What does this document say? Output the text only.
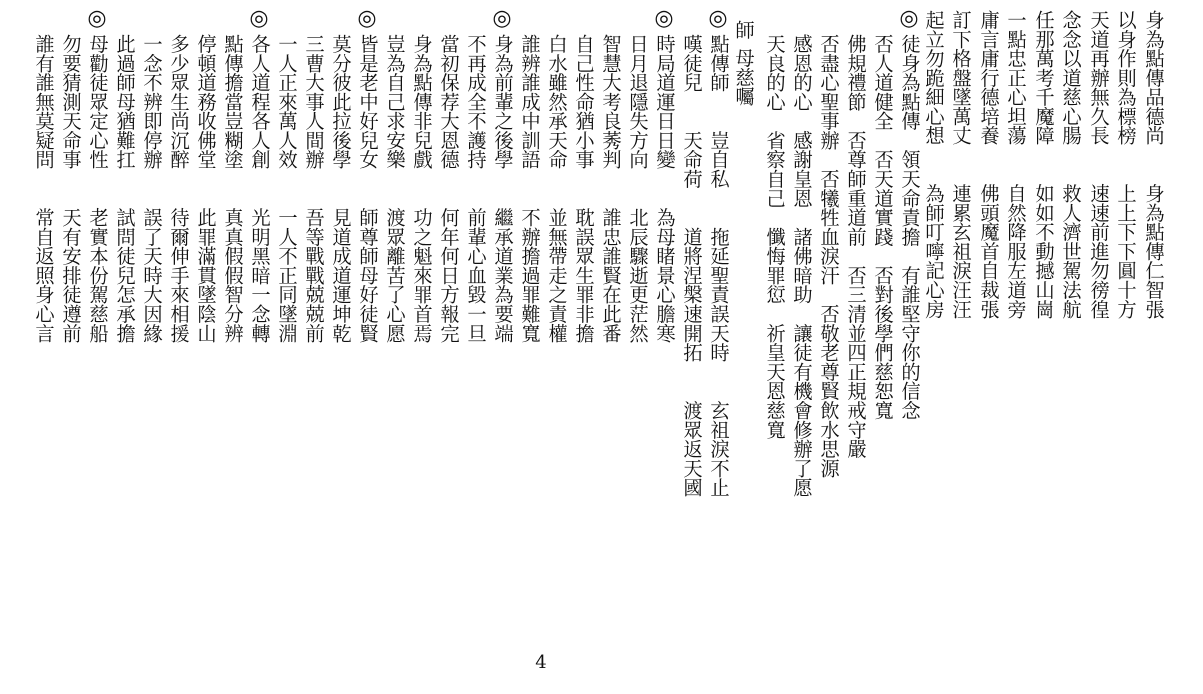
身為點傳品德尚　　身為點傳仁智張
以身作則為標榜　　上上下下圓十方
天道再辦無久長　　速速前進勿徬徨
念念以道慈心腸　　救人濟世駕法航
任那萬考千魔障　　如如不動撼山崗
一點忠正心坦蕩　　自然降服左道旁
庸言庸行德培養　　佛頭魔首自裁張
訂下格盤墜萬丈　　連累玄祖淚汪汪
起立勿跪細心想　　為師叮嚀記心房
◎
徒身為點傳　領天命責擔　有誰堅守你的信念
否人道健全　否天道實踐　否對後學們慈恕寬
佛規禮節　否尊師重道前　否三清並四正規戒守嚴
否盡心聖事辦　否犧牲血淚汗　否敬老尊賢飲水思源
感恩的心　感謝皇恩　諸佛暗助　讓徒有機會修辦了愿
天良的心　省察自己　懺悔罪愆　祈皇天恩慈寬
師
母慈囑
◎
點傳師　　豈自私　　拖延聖責誤天時　　玄祖淚不止
嘆徒兒　　天命荷　　道將涅槃速開拓　　渡眾返天國
◎
時局道運日日變　　為母睹景心膽寒
日月退隱失方向　　北辰驟逝更茫然
智慧大考良莠判　　誰忠誰賢在此番
自己性命猶小事　　耽誤眾生罪非擔
白水雖然承天命　　並無帶走之責權
誰辨誰成中訓語　　不辦擔過罪難寬
◎
身為前輩之後學　　繼承道業為要端
不再成全不護持　　前輩心血毀一旦
當初保荐大恩德　　何年何日方報完
身為點傳非兒戲　　功之魁來罪首焉
豈為自己求安樂　　渡眾離苦了心愿
◎
皆是老中好兒女　　師尊師母好徒賢
莫分彼此拉後學　　見道成道運坤乾
三曹大事人間辦　　吾等戰戰兢兢前
一人正來萬人效　　一人不正同墜淵
◎
各人道程各人創　　光明黑暗一念轉
點傳擔當豈糊塗　　真真假假智分辨
停頓道務收佛堂　　此罪滿貫墜陰山
多少眾生尚沉醉　　待爾伸手來相援
一念不辨即停辦　　誤了天時大因緣
此過師母猶難扛　　試問徒兒怎承擔
◎
母勸徒眾定心性　　老實本份駕慈船
勿要猜測天命事　　天有安排徒遵前
誰有誰無莫疑問　　常自返照身心言
4
